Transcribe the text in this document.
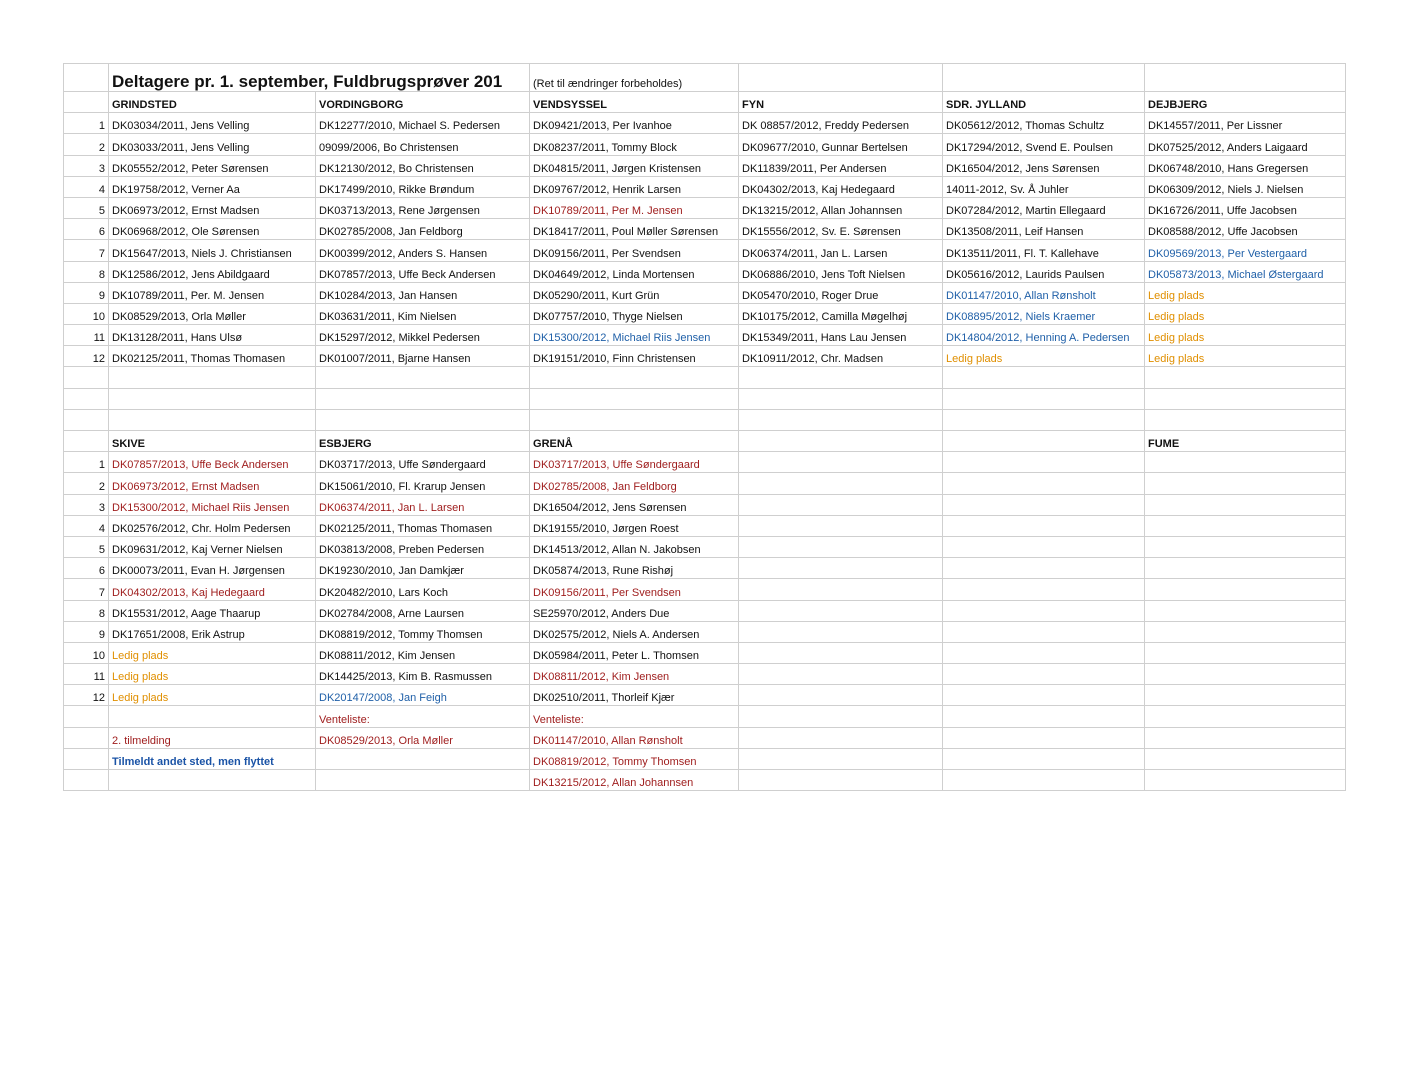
	Deltagere pr. 1. september, Fuldbrugsprøver 201		(Ret til ændringer forbeholdes)			
	GRINDSTED	VORDINGBORG	VENDSYSSEL	FYN	SDR. JYLLAND	DEJBJERG
1	DK03034/2011, Jens Velling	DK12277/2010, Michael S. Pedersen	DK09421/2013, Per Ivanhoe	DK 08857/2012, Freddy Pedersen	DK05612/2012, Thomas Schultz	DK14557/2011, Per Lissner
2	DK03033/2011, Jens Velling	09099/2006, Bo Christensen	DK08237/2011, Tommy Block	DK09677/2010, Gunnar Bertelsen	DK17294/2012, Svend E. Poulsen	DK07525/2012, Anders Laigaard
3	DK05552/2012, Peter Sørensen	DK12130/2012, Bo Christensen	DK04815/2011, Jørgen Kristensen	DK11839/2011, Per Andersen	DK16504/2012, Jens Sørensen	DK06748/2010, Hans Gregersen
4	DK19758/2012, Verner Aa	DK17499/2010, Rikke Brøndum	DK09767/2012, Henrik Larsen	DK04302/2013, Kaj Hedegaard	14011-2012, Sv. Å Juhler	DK06309/2012, Niels J. Nielsen
5	DK06973/2012, Ernst Madsen	DK03713/2013, Rene Jørgensen	DK10789/2011, Per M. Jensen	DK13215/2012, Allan Johannsen	DK07284/2012, Martin Ellegaard	DK16726/2011, Uffe Jacobsen
6	DK06968/2012, Ole Sørensen	DK02785/2008, Jan Feldborg	DK18417/2011, Poul Møller Sørensen	DK15556/2012, Sv. E. Sørensen	DK13508/2011, Leif Hansen	DK08588/2012, Uffe Jacobsen
7	DK15647/2013, Niels J. Christiansen	DK00399/2012, Anders S. Hansen	DK09156/2011, Per Svendsen	DK06374/2011, Jan L. Larsen	DK13511/2011, Fl. T. Kallehave	DK09569/2013, Per Vestergaard
8	DK12586/2012, Jens Abildgaard	DK07857/2013, Uffe Beck Andersen	DK04649/2012, Linda Mortensen	DK06886/2010, Jens Toft Nielsen	DK05616/2012, Laurids Paulsen	DK05873/2013, Michael Østergaard
9	DK10789/2011, Per. M. Jensen	DK10284/2013, Jan Hansen	DK05290/2011, Kurt Grün	DK05470/2010, Roger Drue	DK01147/2010, Allan Rønsholt	Ledig plads
10	DK08529/2013, Orla Møller	DK03631/2011, Kim Nielsen	DK07757/2010, Thyge Nielsen	DK10175/2012, Camilla Møgelhøj	DK08895/2012, Niels Kraemer	Ledig plads
11	DK13128/2011, Hans Ulsø	DK15297/2012, Mikkel Pedersen	DK15300/2012, Michael Riis Jensen	DK15349/2011, Hans Lau Jensen	DK14804/2012, Henning A. Pedersen	Ledig plads
12	DK02125/2011, Thomas Thomasen	DK01007/2011, Bjarne Hansen	DK19151/2010, Finn Christensen	DK10911/2012, Chr. Madsen	Ledig plads	Ledig plads

	SKIVE	ESBJERG	GRENÅ			FUME
1	DK07857/2013, Uffe Beck Andersen	DK03717/2013, Uffe Søndergaard	DK03717/2013, Uffe Søndergaard			
2	DK06973/2012, Ernst Madsen	DK15061/2010, Fl. Krarup Jensen	DK02785/2008, Jan Feldborg			
3	DK15300/2012, Michael Riis Jensen	DK06374/2011, Jan L. Larsen	DK16504/2012, Jens Sørensen			
4	DK02576/2012, Chr. Holm Pedersen	DK02125/2011, Thomas Thomasen	DK19155/2010, Jørgen Roest			
5	DK09631/2012, Kaj Verner Nielsen	DK03813/2008, Preben Pedersen	DK14513/2012, Allan N. Jakobsen			
6	DK00073/2011, Evan H. Jørgensen	DK19230/2010, Jan Damkjær	DK05874/2013, Rune Rishøj			
7	DK04302/2013, Kaj Hedegaard	DK20482/2010, Lars Koch	DK09156/2011, Per Svendsen			
8	DK15531/2012, Aage Thaarup	DK02784/2008, Arne Laursen	SE25970/2012, Anders Due			
9	DK17651/2008, Erik Astrup	DK08819/2012, Tommy Thomsen	DK02575/2012, Niels A. Andersen			
10	Ledig plads	DK08811/2012, Kim Jensen	DK05984/2011, Peter L. Thomsen			
11	Ledig plads	DK14425/2013, Kim B. Rasmussen	DK08811/2012, Kim Jensen			
12	Ledig plads	DK20147/2008, Jan Feigh	DK02510/2011, Thorleif Kjær			
		Venteliste:	Venteliste:			
	2. tilmelding	DK08529/2013, Orla Møller	DK01147/2010, Allan Rønsholt			
	Tilmeldt andet sted, men flyttet		DK08819/2012, Tommy Thomsen			
			DK13215/2012, Allan Johannsen			
